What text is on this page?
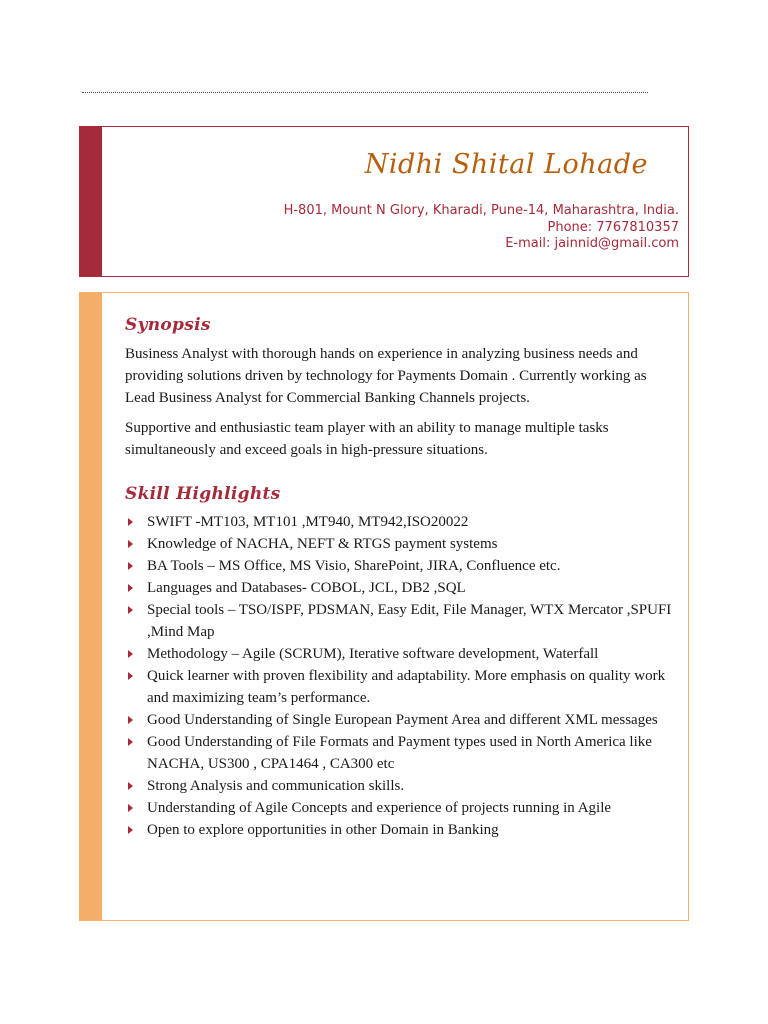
Nidhi Shital Lohade
H-801, Mount N Glory, Kharadi, Pune-14, Maharashtra, India.
Phone: 7767810357
E-mail: jainnid@gmail.com
Synopsis

Business Analyst with thorough hands on experience in analyzing business needs and providing solutions driven by technology for Payments Domain . Currently working as Lead Business Analyst for Commercial Banking Channels projects.

Supportive and enthusiastic team player with an ability to manage multiple tasks simultaneously and exceed goals in high-pressure situations.

Skill Highlights
SWIFT -MT103, MT101 ,MT940, MT942,ISO20022
Knowledge of NACHA, NEFT & RTGS payment systems
BA Tools – MS Office, MS Visio, SharePoint, JIRA, Confluence etc.
Languages and Databases- COBOL, JCL, DB2 ,SQL
Special tools – TSO/ISPF, PDSMAN, Easy Edit, File Manager, WTX Mercator ,SPUFI ,Mind Map
Methodology – Agile (SCRUM), Iterative software development, Waterfall
Quick learner with proven flexibility and adaptability. More emphasis on quality work and maximizing team’s performance.
Good Understanding of Single European Payment Area and different XML messages
Good Understanding of File Formats and Payment types used in North America like NACHA, US300 , CPA1464 , CA300 etc
Strong Analysis and communication skills.
Understanding of Agile Concepts and experience of projects running in Agile
Open to explore opportunities in other Domain in Banking
